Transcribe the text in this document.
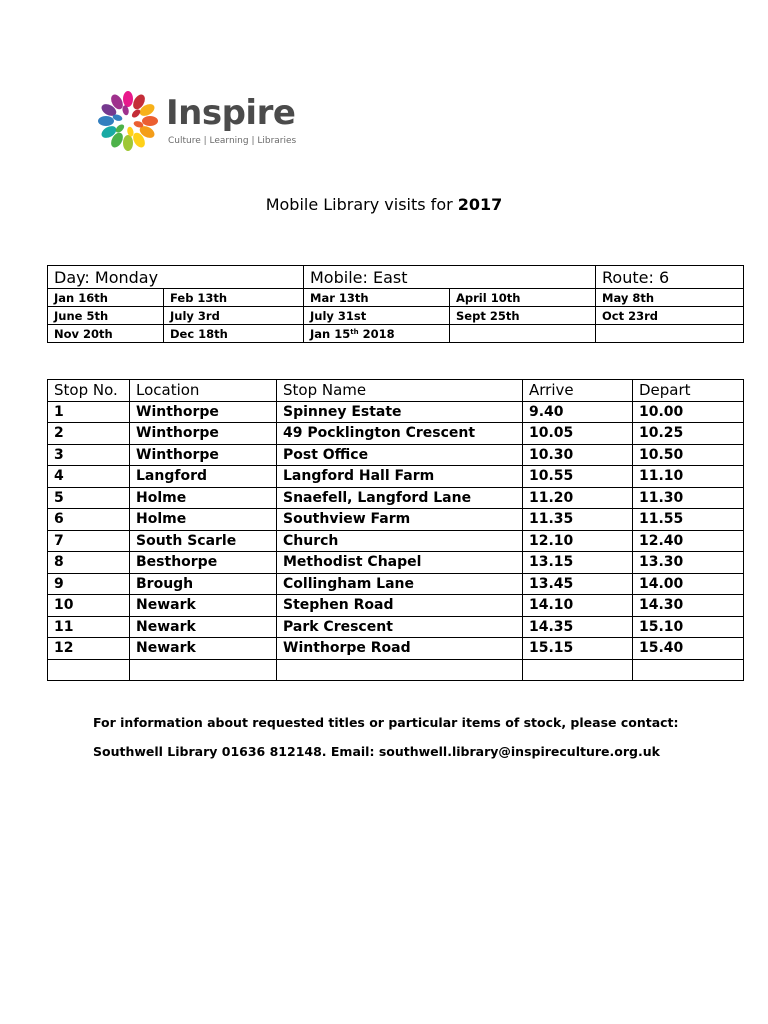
Inspire
Culture | Learning | Libraries
Mobile Library visits for 2017
Day: Monday		Mobile: East		Route: 6
Jan 16th	Feb 13th	Mar 13th	April 10th	May 8th
June 5th	July 3rd	July 31st	Sept 25th	Oct 23rd
Nov 20th	Dec 18th	Jan 15th 2018		
Stop No.	Location	Stop Name	Arrive	Depart
1	Winthorpe	Spinney Estate	9.40	10.00
2	Winthorpe	49 Pocklington Crescent	10.05	10.25
3	Winthorpe	Post Office	10.30	10.50
4	Langford	Langford Hall Farm	10.55	11.10
5	Holme	Snaefell, Langford Lane	11.20	11.30
6	Holme	Southview Farm	11.35	11.55
7	South Scarle	Church	12.10	12.40
8	Besthorpe	Methodist Chapel	13.15	13.30
9	Brough	Collingham Lane	13.45	14.00
10	Newark	Stephen Road	14.10	14.30
11	Newark	Park Crescent	14.35	15.10
12	Newark	Winthorpe Road	15.15	15.40

For information about requested titles or particular items of stock, please contact:
Southwell Library 01636 812148. Email: southwell.library@inspireculture.org.uk
